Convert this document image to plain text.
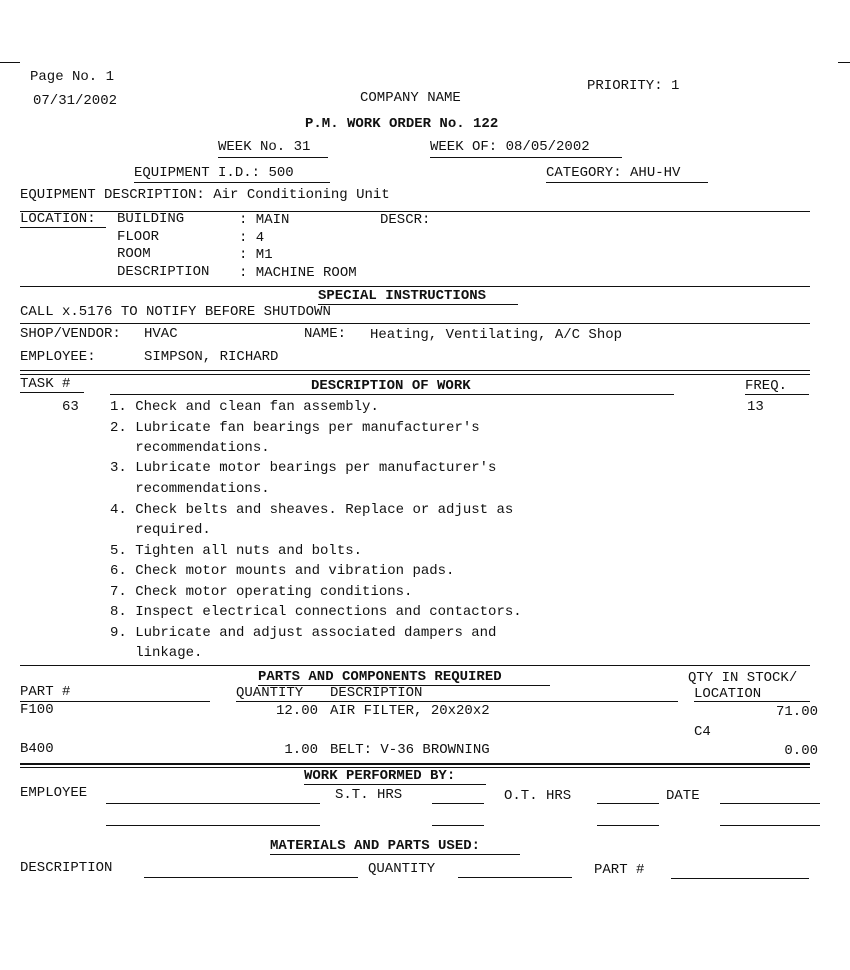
Page No. 1
07/31/2002	COMPANY NAME
PRIORITY: 1
P.M. WORK ORDER No. 122
WEEK No. 31	WEEK OF: 08/05/2002
EQUIPMENT I.D.: 500	CATEGORY: AHU-HV
EQUIPMENT DESCRIPTION: Air Conditioning Unit
LOCATION: BUILDING	: MAIN	DESCR:
FLOOR	: 4
ROOM	: M1
DESCRIPTION : MACHINE ROOM
SPECIAL INSTRUCTIONS
CALL x.5176 TO NOTIFY BEFORE SHUTDOWN
SHOP/VENDOR: HVAC	NAME: Heating, Ventilating, A/C Shop
EMPLOYEE:	SIMPSON, RICHARD
TASK #	DESCRIPTION OF WORK	FREQ.
63	13
1. Check and clean fan assembly.
2. Lubricate fan bearings per manufacturer's
recommendations.
3. Lubricate motor bearings per manufacturer's
recommendations.
4. Check belts and sheaves. Replace or adjust as
required.
5. Tighten all nuts and bolts.
6. Check motor mounts and vibration pads.
7. Check motor operating conditions.
8. Inspect electrical connections and contactors.
9. Lubricate and adjust associated dampers and
linkage.
PARTS AND COMPONENTS REQUIRED	QTY IN STOCK/
LOCATION
PART #	QUANTITY DESCRIPTION
F100	12.00 AIR FILTER, 20x20x2	71.00
C4
B400	1.00 BELT: V-36 BROWNING	0.00
WORK PERFORMED BY:
EMPLOYEE	S.T. HRS	O.T. HRS	DATE
MATERIALS AND PARTS USED:
DESCRIPTION	QUANTITY	PART #
